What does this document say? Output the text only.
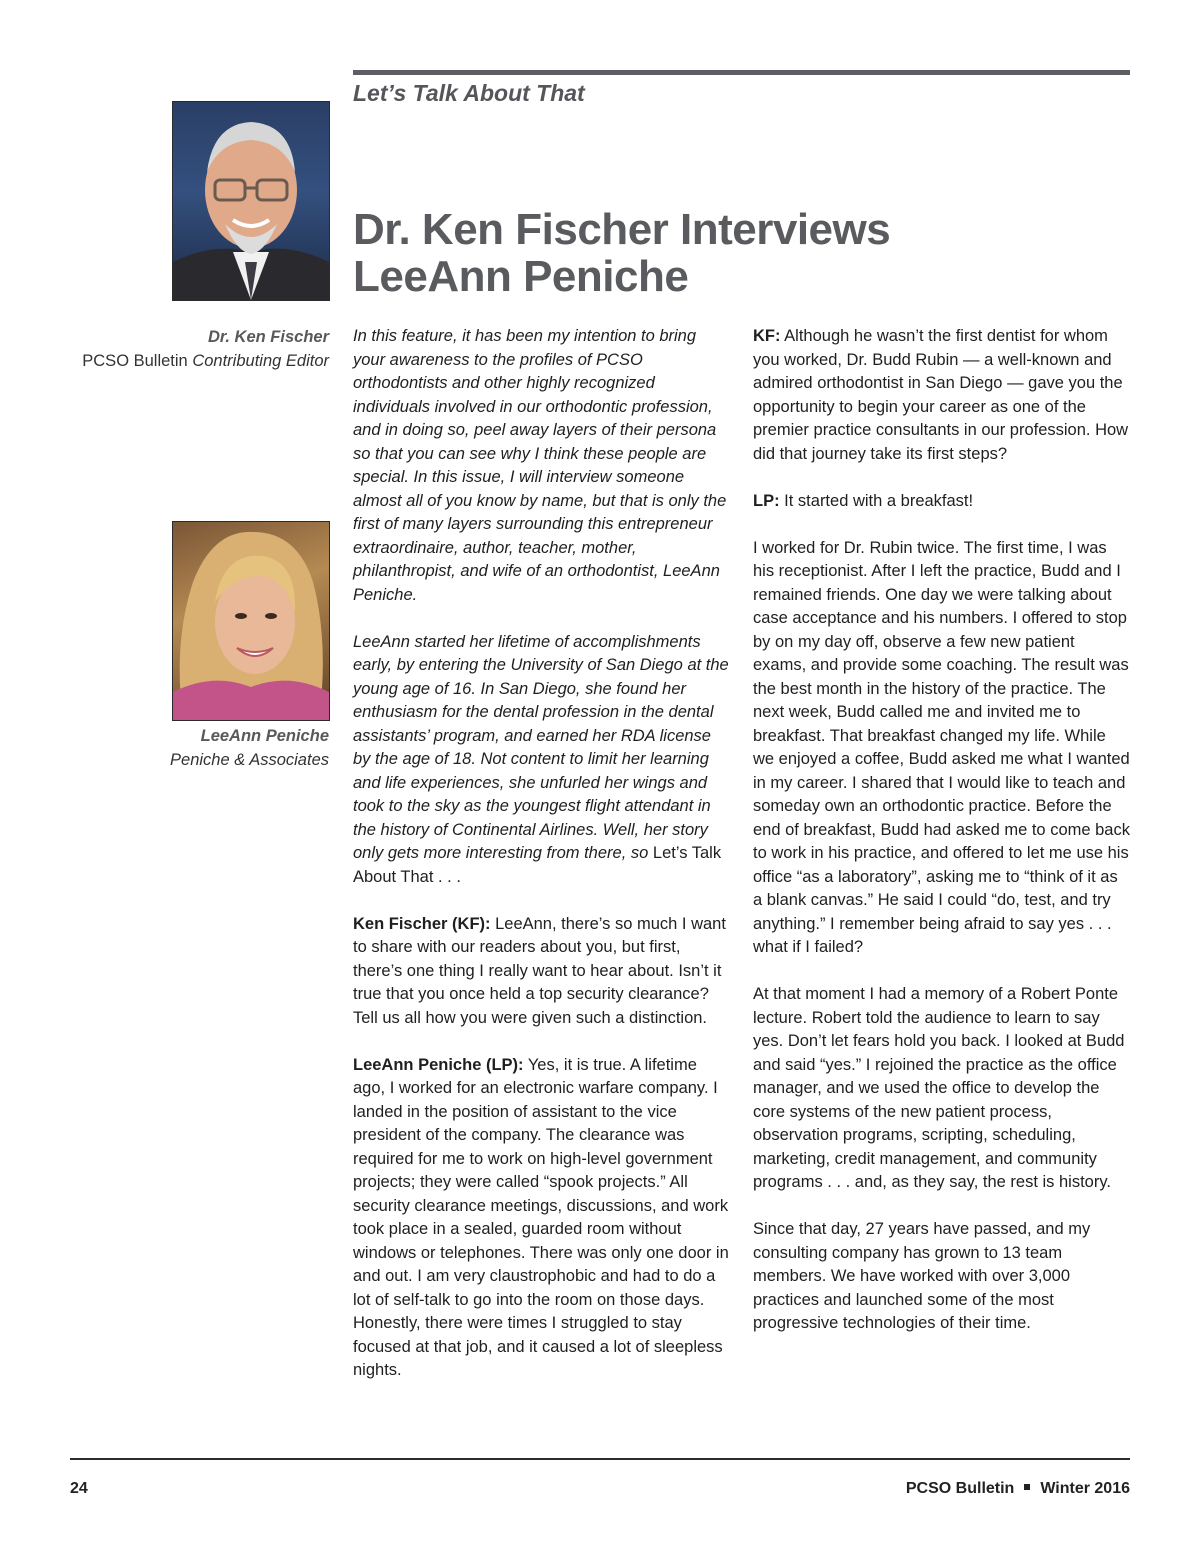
Let’s Talk About That
Dr. Ken Fischer Interviews
LeeAnn Peniche
Dr. Ken Fischer
PCSO Bulletin Contributing Editor
LeeAnn Peniche
Peniche & Associates

In this feature, it has been my intention to bring your awareness to the profiles of PCSO orthodontists and other highly recognized individuals involved in our orthodontic profession, and in doing so, peel away layers of their persona so that you can see why I think these people are special. In this issue, I will interview someone almost all of you know by name, but that is only the first of many layers surrounding this entrepreneur extraordinaire, author, teacher, mother, philanthropist, and wife of an orthodontist, LeeAnn Peniche.

LeeAnn started her lifetime of accomplishments early, by entering the University of San Diego at the young age of 16. In San Diego, she found her enthusiasm for the dental profession in the dental assistants’ program, and earned her RDA license by the age of 18. Not content to limit her learning and life experiences, she unfurled her wings and took to the sky as the youngest flight attendant in the history of Continental Airlines. Well, her story only gets more interesting from there, so Let’s Talk About That . . .

Ken Fischer (KF): LeeAnn, there’s so much I want to share with our readers about you, but first, there’s one thing I really want to hear about. Isn’t it true that you once held a top security clearance? Tell us all how you were given such a distinction.

LeeAnn Peniche (LP): Yes, it is true. A lifetime ago, I worked for an electronic warfare company. I landed in the position of assistant to the vice president of the company. The clearance was required for me to work on high-level government projects; they were called “spook projects.” All security clearance meetings, discussions, and work took place in a sealed, guarded room without windows or telephones. There was only one door in and out. I am very claustrophobic and had to do a lot of self-talk to go into the room on those days. Honestly, there were times I struggled to stay focused at that job, and it caused a lot of sleepless nights.

KF: Although he wasn’t the first dentist for whom you worked, Dr. Budd Rubin — a well-known and admired orthodontist in San Diego — gave you the opportunity to begin your career as one of the premier practice consultants in our profession. How did that journey take its first steps?

LP: It started with a breakfast!

I worked for Dr. Rubin twice. The first time, I was his receptionist. After I left the practice, Budd and I remained friends. One day we were talking about case acceptance and his numbers. I offered to stop by on my day off, observe a few new patient exams, and provide some coaching. The result was the best month in the history of the practice. The next week, Budd called me and invited me to breakfast. That breakfast changed my life. While we enjoyed a coffee, Budd asked me what I wanted in my career. I shared that I would like to teach and someday own an orthodontic practice. Before the end of breakfast, Budd had asked me to come back to work in his practice, and offered to let me use his office “as a laboratory”, asking me to “think of it as a blank canvas.” He said I could “do, test, and try anything.” I remember being afraid to say yes . . . what if I failed?

At that moment I had a memory of a Robert Ponte lecture. Robert told the audience to learn to say yes. Don’t let fears hold you back. I looked at Budd and said “yes.” I rejoined the practice as the office manager, and we used the office to develop the core systems of the new patient process, observation programs, scripting, scheduling, marketing, credit management, and community programs . . . and, as they say, the rest is history.

Since that day, 27 years have passed, and my consulting company has grown to 13 team members. We have worked with over 3,000 practices and launched some of the most progressive technologies of their time.

24	PCSO Bulletin Winter 2016
